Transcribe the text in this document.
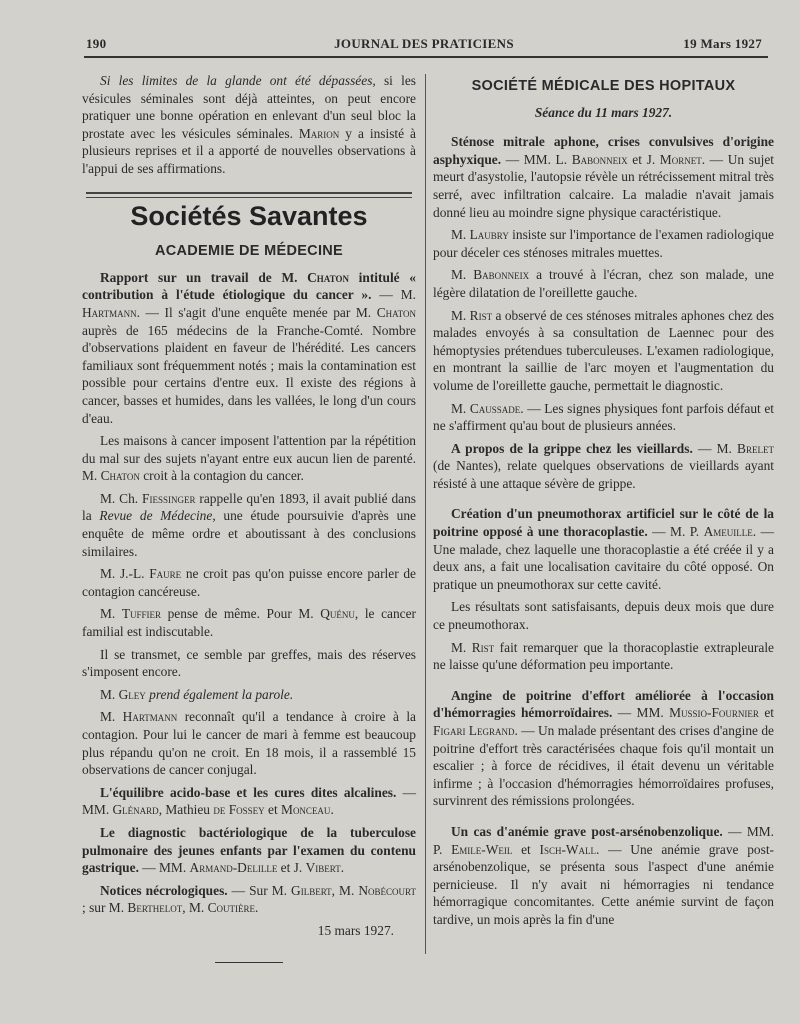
190	JOURNAL DES PRATICIENS	19 Mars 1927

Si les limites de la glande ont été dépassées, si les vésicules séminales sont déjà atteintes, on peut encore pratiquer une bonne opération en enlevant d'un seul bloc la prostate avec les vésicules séminales. Marion y a insisté à plusieurs reprises et il a apporté de nouvelles observations à l'appui de ses affirmations.

Sociétés Savantes
ACADEMIE DE MÉDECINE

Rapport sur un travail de M. Chaton intitulé « contribution à l'étude étiologique du cancer ». — M. Hartmann. — Il s'agit d'une enquête menée par M. Chaton auprès de 165 médecins de la Franche-Comté. Nombre d'observations plaident en faveur de l'hérédité. Les cancers familiaux sont fréquemment notés ; mais la contamination est possible pour certains d'entre eux. Il existe des régions à cancer, basses et humides, dans les vallées, le long d'un cours d'eau.

Les maisons à cancer imposent l'attention par la répétition du mal sur des sujets n'ayant entre eux aucun lien de parenté. M. Chaton croit à la contagion du cancer.

M. Ch. Fiessinger rappelle qu'en 1893, il avait publié dans la Revue de Médecine, une étude poursuivie d'après une enquête de même ordre et aboutissant à des conclusions similaires.

M. J.-L. Faure ne croit pas qu'on puisse encore parler de contagion cancéreuse.

M. Tuffier pense de même. Pour M. Quénu, le cancer familial est indiscutable.

Il se transmet, ce semble par greffes, mais des réserves s'imposent encore.

M. Gley prend également la parole.

M. Hartmann reconnaît qu'il a tendance à croire à la contagion. Pour lui le cancer de mari à femme est beaucoup plus répandu qu'on ne croit. En 18 mois, il a rassemblé 15 observations de cancer conjugal.

L'équilibre acido-base et les cures dites alcalines. — MM. Glénard, Mathieu de Fossey et Monceau.

Le diagnostic bactériologique de la tuberculose pulmonaire des jeunes enfants par l'examen du contenu gastrique. — MM. Armand-Delille et J. Vibert.

Notices nécrologiques. — Sur M. Gilbert, M. Nobécourt ; sur M. Berthelot, M. Coutière.

15 mars 1927.
SOCIÉTÉ MÉDICALE DES HOPITAUX
Séance du 11 mars 1927.

Sténose mitrale aphone, crises convulsives d'origine asphyxique. — MM. L. Babonneix et J. Mornet. — Un sujet meurt d'asystolie, l'autopsie révèle un rétrécissement mitral très serré, avec infiltration calcaire. La maladie n'avait jamais donné lieu au moindre signe physique caractéristique.

M. Laubry insiste sur l'importance de l'examen radiologique pour déceler ces sténoses mitrales muettes.

M. Babonneix a trouvé à l'écran, chez son malade, une légère dilatation de l'oreillette gauche.

M. Rist a observé de ces sténoses mitrales aphones chez des malades envoyés à sa consultation de Laennec pour des hémoptysies prétendues tuberculeuses. L'examen radiologique, en montrant la saillie de l'arc moyen et l'augmentation du volume de l'oreillette gauche, permettait le diagnostic.

M. Caussade. — Les signes physiques font parfois défaut et ne s'affirment qu'au bout de plusieurs années.

A propos de la grippe chez les vieillards. — M. Brelet (de Nantes), relate quelques observations de vieillards ayant résisté à une attaque sévère de grippe.

Création d'un pneumothorax artificiel sur le côté de la poitrine opposé à une thoracoplastie. — M. P. Ameuille. — Une malade, chez laquelle une thoracoplastie a été créée il y a deux ans, a fait une localisation cavitaire du côté opposé. On pratique un pneumothorax sur cette cavité.

Les résultats sont satisfaisants, depuis deux mois que dure ce pneumothorax.

M. Rist fait remarquer que la thoracoplastie extrapleurale ne laisse qu'une déformation peu importante.

Angine de poitrine d'effort améliorée à l'occasion d'hémorragies hémorroïdaires. — MM. Mussio-Fournier et Figari Legrand. — Un malade présentant des crises d'angine de poitrine d'effort très caractérisées chaque fois qu'il montait un escalier ; à force de récidives, il était devenu un véritable infirme ; à l'occasion d'hémorragies hémorroïdaires profuses, survinrent des rémissions prolongées.

Un cas d'anémie grave post-arsénobenzolique. — MM. P. Emile-Weil et Isch-Wall. — Une anémie grave post-arsénobenzolique, se présenta sous l'aspect d'une anémie pernicieuse. Il n'y avait ni hémorragies ni tendance hémorragique concomitantes. Cette anémie survint de façon tardive, un mois après la fin d'une
